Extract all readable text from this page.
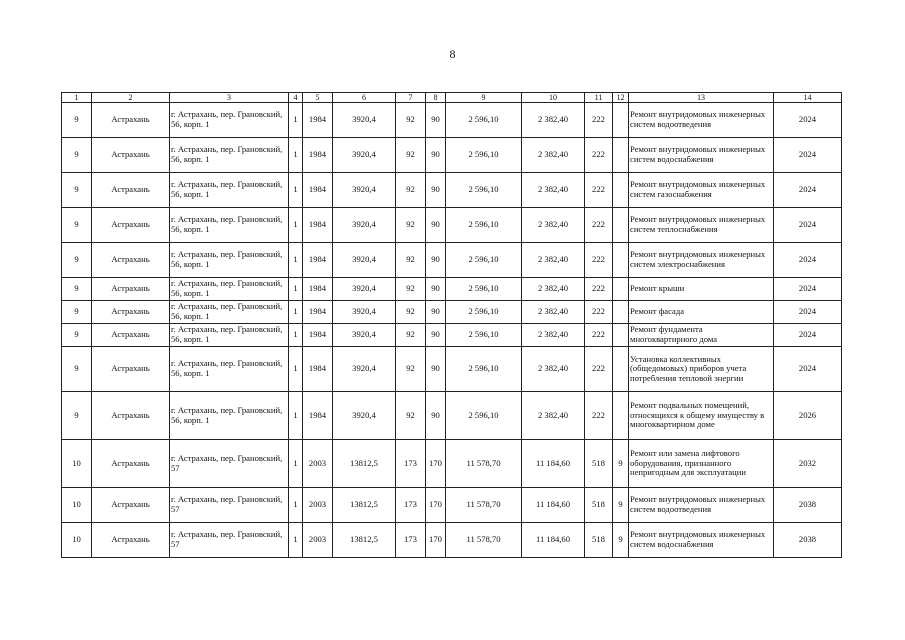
8
1	2	3	4	5	6	7	8	9	10	11	12	13	14
9	Астрахань	г. Астрахань, пер. Грановский, 56, корп. 1	1	1984	3920,4	92	90	2 596,10	2 382,40	222		Ремонт внутридомовых инженерных систем водоотведения	2024
9	Астрахань	г. Астрахань, пер. Грановский, 56, корп. 1	1	1984	3920,4	92	90	2 596,10	2 382,40	222		Ремонт внутридомовых инженерных систем водоснабжения	2024
9	Астрахань	г. Астрахань, пер. Грановский, 56, корп. 1	1	1984	3920,4	92	90	2 596,10	2 382,40	222		Ремонт внутридомовых инженерных систем газоснабжения	2024
9	Астрахань	г. Астрахань, пер. Грановский, 56, корп. 1	1	1984	3920,4	92	90	2 596,10	2 382,40	222		Ремонт внутридомовых инженерных систем теплоснабжения	2024
9	Астрахань	г. Астрахань, пер. Грановский, 56, корп. 1	1	1984	3920,4	92	90	2 596,10	2 382,40	222		Ремонт внутридомовых инженерных систем электроснабжения	2024
9	Астрахань	г. Астрахань, пер. Грановский, 56, корп. 1	1	1984	3920,4	92	90	2 596,10	2 382,40	222		Ремонт крыши	2024
9	Астрахань	г. Астрахань, пер. Грановский, 56, корп. 1	1	1984	3920,4	92	90	2 596,10	2 382,40	222		Ремонт фасада	2024
9	Астрахань	г. Астрахань, пер. Грановский, 56, корп. 1	1	1984	3920,4	92	90	2 596,10	2 382,40	222		Ремонт фундамента многоквартирного дома	2024
9	Астрахань	г. Астрахань, пер. Грановский, 56, корп. 1	1	1984	3920,4	92	90	2 596,10	2 382,40	222		Установка коллективных (общедомовых) приборов учета потребления тепловой энергии	2024
9	Астрахань	г. Астрахань, пер. Грановский, 56, корп. 1	1	1984	3920,4	92	90	2 596,10	2 382,40	222		Ремонт подвальных помещений, относящихся к общему имуществу в многоквартирном доме	2026
10	Астрахань	г. Астрахань, пер. Грановский, 57	1	2003	13812,5	173	170	11 578,70	11 184,60	518	9	Ремонт или замена лифтового оборудования, признанного непригодным для эксплуатации	2032
10	Астрахань	г. Астрахань, пер. Грановский, 57	1	2003	13812,5	173	170	11 578,70	11 184,60	518	9	Ремонт внутридомовых инженерных систем водоотведения	2038
10	Астрахань	г. Астрахань, пер. Грановский, 57	1	2003	13812,5	173	170	11 578,70	11 184,60	518	9	Ремонт внутридомовых инженерных систем водоснабжения	2038
